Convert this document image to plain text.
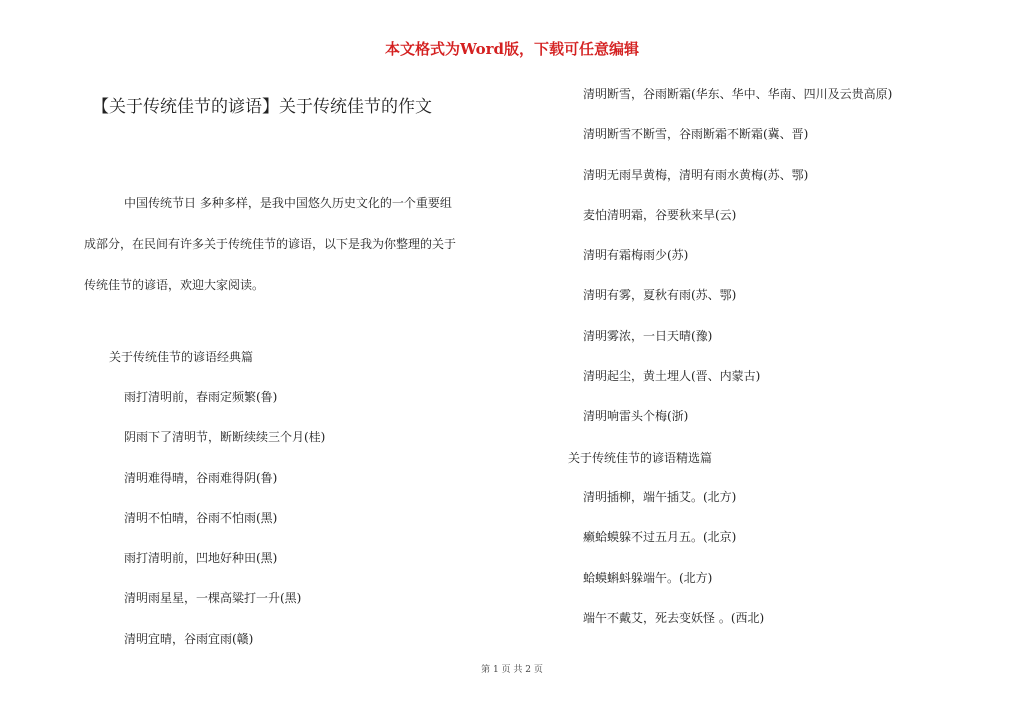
本文格式为Word版，下载可任意编辑
【关于传统佳节的谚语】关于传统佳节的作文

中国传统节日 多种多样，是我中国悠久历史文化的一个重要组
成部分，在民间有许多关于传统佳节的谚语，以下是我为你整理的关于
传统佳节的谚语，欢迎大家阅读。

关于传统佳节的谚语经典篇
雨打清明前，春雨定频繁(鲁)
阴雨下了清明节，断断续续三个月(桂)
清明难得晴，谷雨难得阴(鲁)
清明不怕晴，谷雨不怕雨(黑)
雨打清明前，凹地好种田(黑)
清明雨星星，一棵高粱打一升(黑)
清明宜晴，谷雨宜雨(赣)
清明断雪，谷雨断霜(华东、华中、华南、四川及云贵高原)
清明断雪不断雪，谷雨断霜不断霜(冀、晋)
清明无雨旱黄梅，清明有雨水黄梅(苏、鄂)
麦怕清明霜，谷要秋来旱(云)
清明有霜梅雨少(苏)
清明有雾，夏秋有雨(苏、鄂)
清明雾浓，一日天晴(豫)
清明起尘，黄土埋人(晋、内蒙古)
清明响雷头个梅(浙)
关于传统佳节的谚语精选篇
清明插柳，端午插艾。(北方)
癞蛤蟆躲不过五月五。(北京)
蛤蟆蝌蚪躲端午。(北方)
端午不戴艾，死去变妖怪 。(西北)
第 1 页 共 2 页
